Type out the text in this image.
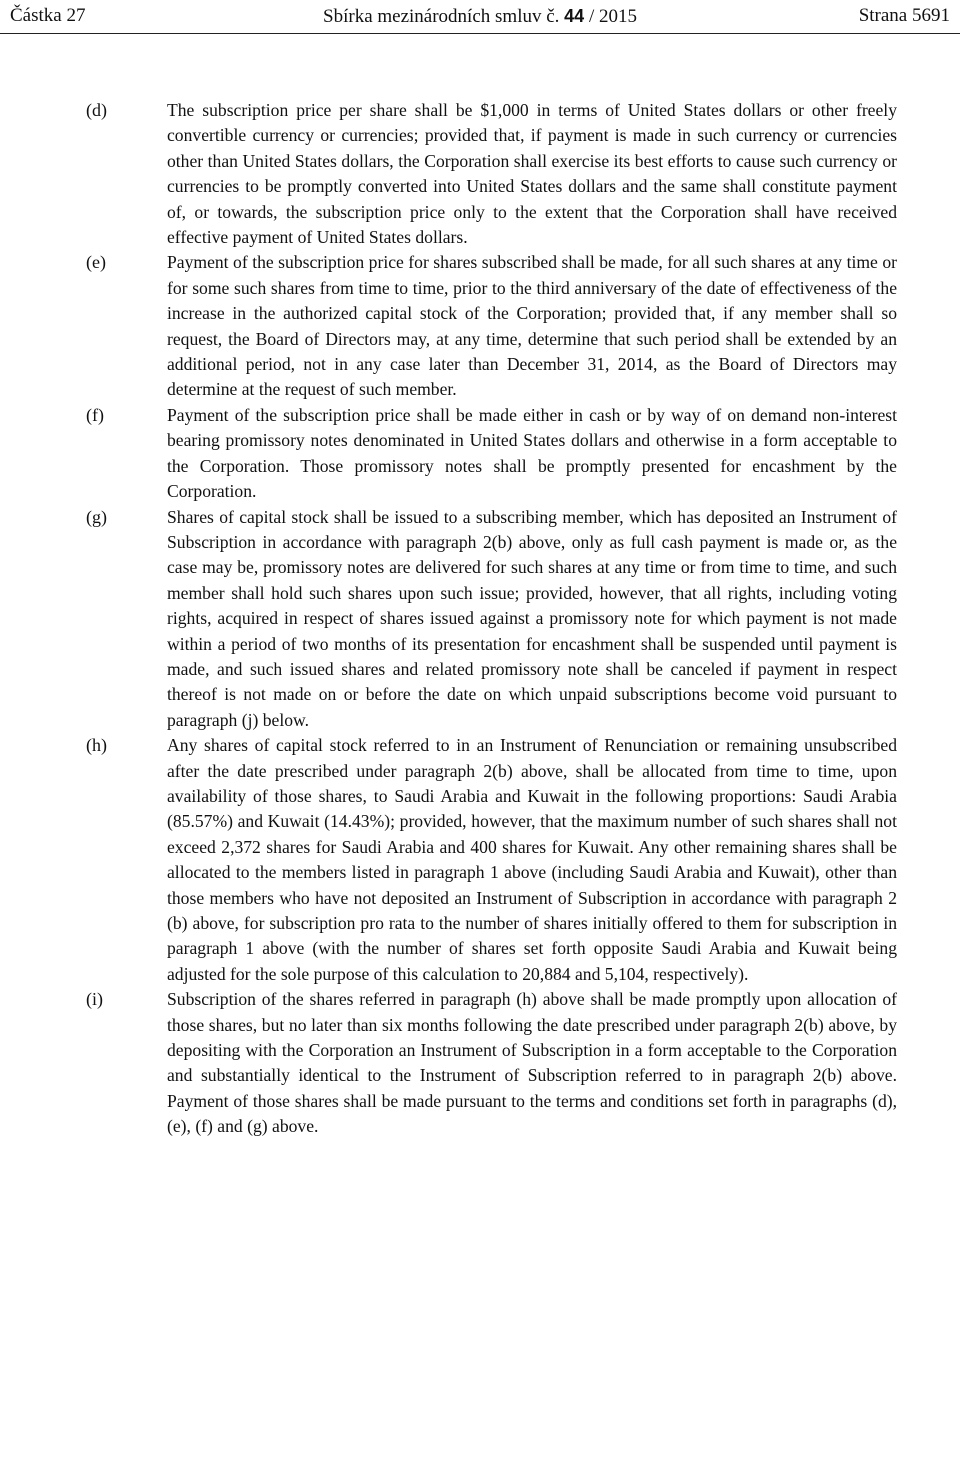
Částka 27	Sbírka mezinárodních smluv č. 44 / 2015	Strana 5691
(d)	The subscription price per share shall be $1,000 in terms of United States dollars or other freely convertible currency or currencies; provided that, if payment is made in such currency or currencies other than United States dollars, the Corporation shall exercise its best efforts to cause such currency or currencies to be promptly converted into United States dollars and the same shall constitute payment of, or towards, the subscription price only to the extent that the Corporation shall have received effective payment of United States dollars.
(e)	Payment of the subscription price for shares subscribed shall be made, for all such shares at any time or for some such shares from time to time, prior to the third anniversary of the date of effectiveness of the increase in the authorized capital stock of the Corporation; provided that, if any member shall so request, the Board of Directors may, at any time, determine that such period shall be extended by an additional period, not in any case later than December 31, 2014, as the Board of Directors may determine at the request of such member.
(f)	Payment of the subscription price shall be made either in cash or by way of on demand non-interest bearing promissory notes denominated in United States dollars and otherwise in a form acceptable to the Corporation. Those promissory notes shall be promptly presented for encashment by the Corporation.
(g)	Shares of capital stock shall be issued to a subscribing member, which has deposited an Instrument of Subscription in accordance with paragraph 2(b) above, only as full cash payment is made or, as the case may be, promissory notes are delivered for such shares at any time or from time to time, and such member shall hold such shares upon such issue; provided, however, that all rights, including voting rights, acquired in respect of shares issued against a promissory note for which payment is not made within a period of two months of its presentation for encashment shall be suspended until payment is made, and such issued shares and related promissory note shall be canceled if payment in respect thereof is not made on or before the date on which unpaid subscriptions become void pursuant to paragraph (j) below.
(h)	Any shares of capital stock referred to in an Instrument of Renunciation or remaining unsubscribed after the date prescribed under paragraph 2(b) above, shall be allocated from time to time, upon availability of those shares, to Saudi Arabia and Kuwait in the following proportions: Saudi Arabia (85.57%) and Kuwait (14.43%); provided, however, that the maximum number of such shares shall not exceed 2,372 shares for Saudi Arabia and 400 shares for Kuwait. Any other remaining shares shall be allocated to the members listed in paragraph 1 above (including Saudi Arabia and Kuwait), other than those members who have not deposited an Instrument of Subscription in accordance with paragraph 2 (b) above, for subscription pro rata to the number of shares initially offered to them for subscription in paragraph 1 above (with the number of shares set forth opposite Saudi Arabia and Kuwait being adjusted for the sole purpose of this calculation to 20,884 and 5,104, respectively).
(i)	Subscription of the shares referred in paragraph (h) above shall be made promptly upon allocation of those shares, but no later than six months following the date prescribed under paragraph 2(b) above, by depositing with the Corporation an Instrument of Subscription in a form acceptable to the Corporation and substantially identical to the Instrument of Subscription referred to in paragraph 2(b) above. Payment of those shares shall be made pursuant to the terms and conditions set forth in paragraphs (d), (e), (f) and (g) above.
